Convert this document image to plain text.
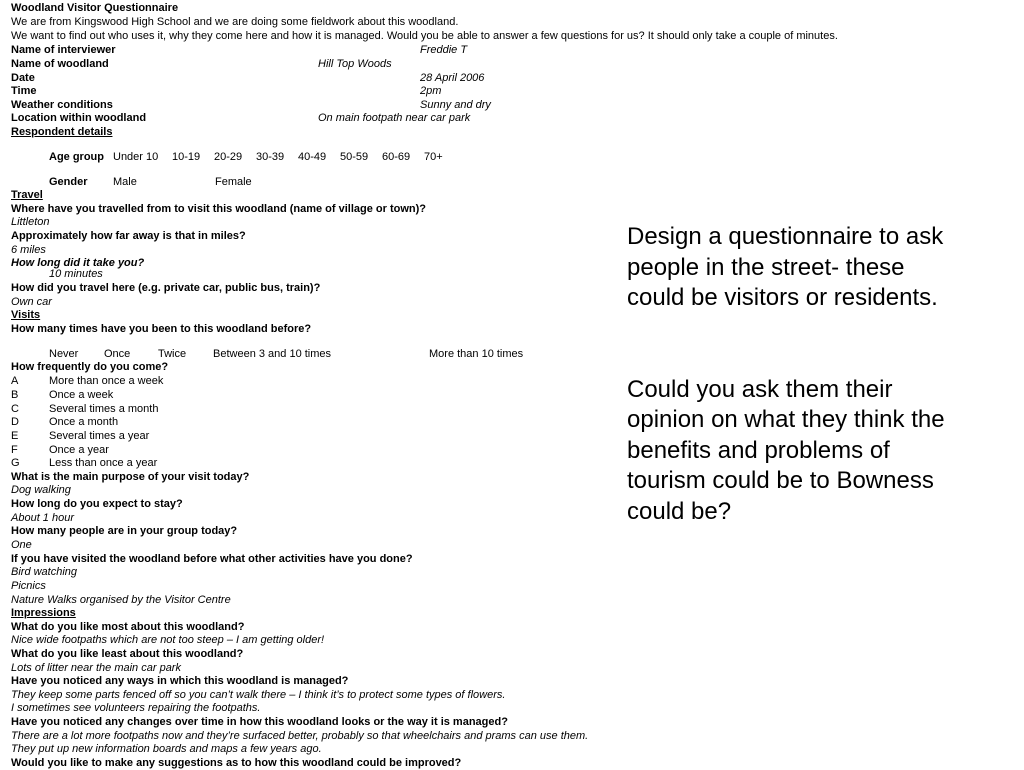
Woodland Visitor Questionnaire
We are from Kingswood High School and we are doing some fieldwork about this woodland.
We want to find out who uses it, why they come here and how it is managed. Would you be able to answer a few questions for us? It should only take a couple of minutes.
Name of interviewer	Freddie T
Name of woodland	Hill Top Woods
Date	28 April 2006
Time	2pm
Weather conditions	Sunny and dry
Location within woodland	On main footpath near car park
Respondent details
Age group Under 10 10-19 20-29 30-39 40-49 50-59 60-69 70+
Gender Male	Female
Travel
Where have you travelled from to visit this woodland (name of village or town)?
Littleton
Approximately how far away is that in miles?
6 miles
How long did it take you?
10 minutes
How did you travel here (e.g. private car, public bus, train)?
Own car
Visits
How many times have you been to this woodland before?
Never Once	Twice Between 3 and 10 times	More than 10 times
How frequently do you come?
A	More than once a week
B	Once a week
C	Several times a month
D	Once a month
E	Several times a year
F	Once a year
G	Less than once a year
What is the main purpose of your visit today?
Dog walking
How long do you expect to stay?
About 1 hour
How many people are in your group today?
One
If you have visited the woodland before what other activities have you done?
Bird watching
Picnics
Nature Walks organised by the Visitor Centre
Impressions
What do you like most about this woodland?
Nice wide footpaths which are not too steep – I am getting older!
What do you like least about this woodland?
Lots of litter near the main car park
Have you noticed any ways in which this woodland is managed?
They keep some parts fenced off so you can’t walk there – I think it’s to protect some types of flowers.
I sometimes see volunteers repairing the footpaths.
Have you noticed any changes over time in how this woodland looks or the way it is managed?
There are a lot more footpaths now and they’re surfaced better, probably so that wheelchairs and prams can use them.
They put up new information boards and maps a few years ago.
Would you like to make any suggestions as to how this woodland could be improved?

Design a questionnaire to ask people in the street- these could be visitors or residents.

Could you ask them their opinion on what they think the benefits and problems of tourism could be to Bowness could be?
